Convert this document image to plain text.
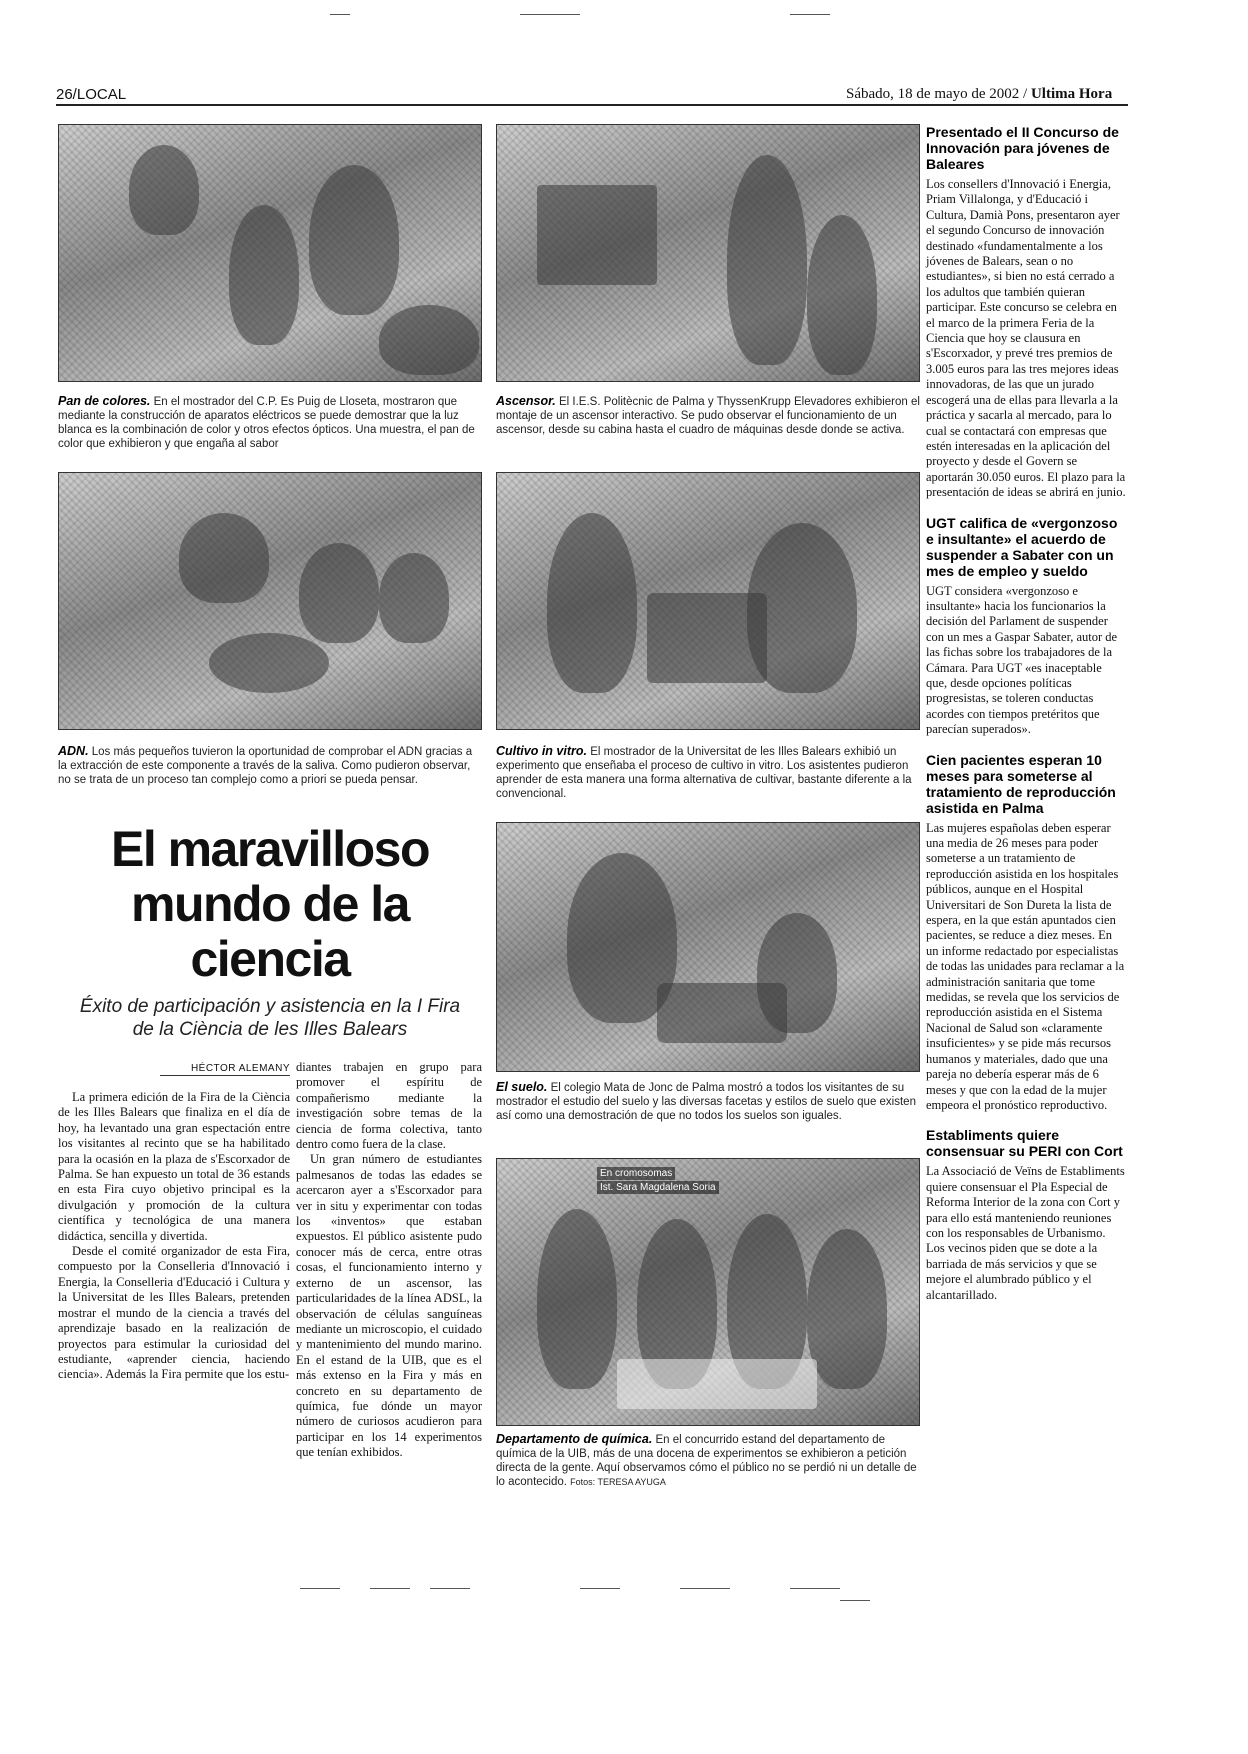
26/LOCAL	Sábado, 18 de mayo de 2002 / Ultima Hora
Pan de colores. En el mostrador del C.P. Es Puig de Lloseta, mostraron que mediante la construcción de aparatos eléctricos se puede demostrar que la luz blanca es la combinación de color y otros efectos ópticos. Una muestra, el pan de color que exhibieron y que engaña al sabor
Ascensor. El I.E.S. Politècnic de Palma y ThyssenKrupp Elevadores exhibieron el montaje de un ascensor interactivo. Se pudo observar el funcionamiento de un ascensor, desde su cabina hasta el cuadro de máquinas desde donde se activa.
ADN. Los más pequeños tuvieron la oportunidad de comprobar el ADN gracias a la extracción de este componente a través de la saliva. Como pudieron observar, no se trata de un proceso tan complejo como a priori se pueda pensar.
Cultivo in vitro. El mostrador de la Universitat de les Illes Balears exhibió un experimento que enseñaba el proceso de cultivo in vitro. Los asistentes pudieron aprender de esta manera una forma alternativa de cultivar, bastante diferente a la convencional.
El maravilloso mundo de la ciencia
Éxito de participación y asistencia en la I Fira de la Ciència de les Illes Balears
HÉCTOR ALEMANY

La primera edición de la Fira de la Ciència de les Illes Balears que finaliza en el día de hoy, ha levantado una gran espectación entre los visitantes al recinto que se ha habilitado para la ocasión en la plaza de s'Escorxador de Palma. Se han expuesto un total de 36 estands en esta Fira cuyo objetivo principal es la divulgación y promoción de la cultura científica y tecnológica de una manera didáctica, sencilla y divertida.

Desde el comité organizador de esta Fira, compuesto por la Conselleria d'Innovació i Energia, la Conselleria d'Educació i Cultura y la Universitat de les Illes Balears, pretenden mostrar el mundo de la ciencia a través del aprendizaje basado en la realización de proyectos para estimular la curiosidad del estudiante, «aprender ciencia, haciendo ciencia». Además la Fira permite que los estu-

diantes trabajen en grupo para promover el espíritu de compañerismo mediante la investigación sobre temas de la ciencia de forma colectiva, tanto dentro como fuera de la clase.

Un gran número de estudiantes palmesanos de todas las edades se acercaron ayer a s'Escorxador para ver in situ y experimentar con todas los «inventos» que estaban expuestos. El público asistente pudo conocer más de cerca, entre otras cosas, el funcionamiento interno y externo de un ascensor, las particularidades de la línea ADSL, la observación de células sanguíneas mediante un microscopio, el cuidado y mantenimiento del mundo marino. En el estand de la UIB, que es el más extenso en la Fira y más en concreto en su departamento de química, fue dónde un mayor número de curiosos acudieron para participar en los 14 experimentos que tenían exhibidos.

El suelo. El colegio Mata de Jonc de Palma mostró a todos los visitantes de su mostrador el estudio del suelo y las diversas facetas y estilos de suelo que existen así como una demostración de que no todos los suelos son iguales.
En cromosomas
Ist. Sara Magdalena Soria
Departamento de química. En el concurrido estand del departamento de química de la UIB, más de una docena de experimentos se exhibieron a petición directa de la gente. Aquí observamos cómo el público no se perdió ni un detalle de lo acontecido. Fotos: TERESA AYUGA
Presentado el II Concurso de Innovación para jóvenes de Baleares
Los consellers d'Innovació i Energia, Priam Villalonga, y d'Educació i Cultura, Damià Pons, presentaron ayer el segundo Concurso de innovación destinado «fundamentalmente a los jóvenes de Balears, sean o no estudiantes», si bien no está cerrado a los adultos que también quieran participar. Este concurso se celebra en el marco de la primera Feria de la Ciencia que hoy se clausura en s'Escorxador, y prevé tres premios de 3.005 euros para las tres mejores ideas innovadoras, de las que un jurado escogerá una de ellas para llevarla a la práctica y sacarla al mercado, para lo cual se contactará con empresas que estén interesadas en la aplicación del proyecto y desde el Govern se aportarán 30.050 euros. El plazo para la presentación de ideas se abrirá en junio.
UGT califica de «vergonzoso e insultante» el acuerdo de suspender a Sabater con un mes de empleo y sueldo
UGT considera «vergonzoso e insultante» hacia los funcionarios la decisión del Parlament de suspender con un mes a Gaspar Sabater, autor de las fichas sobre los trabajadores de la Cámara. Para UGT «es inaceptable que, desde opciones políticas progresistas, se toleren conductas acordes con tiempos pretéritos que parecían superados».
Cien pacientes esperan 10 meses para someterse al tratamiento de reproducción asistida en Palma
Las mujeres españolas deben esperar una media de 26 meses para poder someterse a un tratamiento de reproducción asistida en los hospitales públicos, aunque en el Hospital Universitari de Son Dureta la lista de espera, en la que están apuntados cien pacientes, se reduce a diez meses. En un informe redactado por especialistas de todas las unidades para reclamar a la administración sanitaria que tome medidas, se revela que los servicios de reproducción asistida en el Sistema Nacional de Salud son «claramente insuficientes» y se pide más recursos humanos y materiales, dado que una pareja no debería esperar más de 6 meses y que con la edad de la mujer empeora el pronóstico reproductivo.
Establiments quiere consensuar su PERI con Cort
La Associació de Veïns de Establiments quiere consensuar el Pla Especial de Reforma Interior de la zona con Cort y para ello está manteniendo reuniones con los responsables de Urbanismo. Los vecinos piden que se dote a la barriada de más servicios y que se mejore el alumbrado público y el alcantarillado.
